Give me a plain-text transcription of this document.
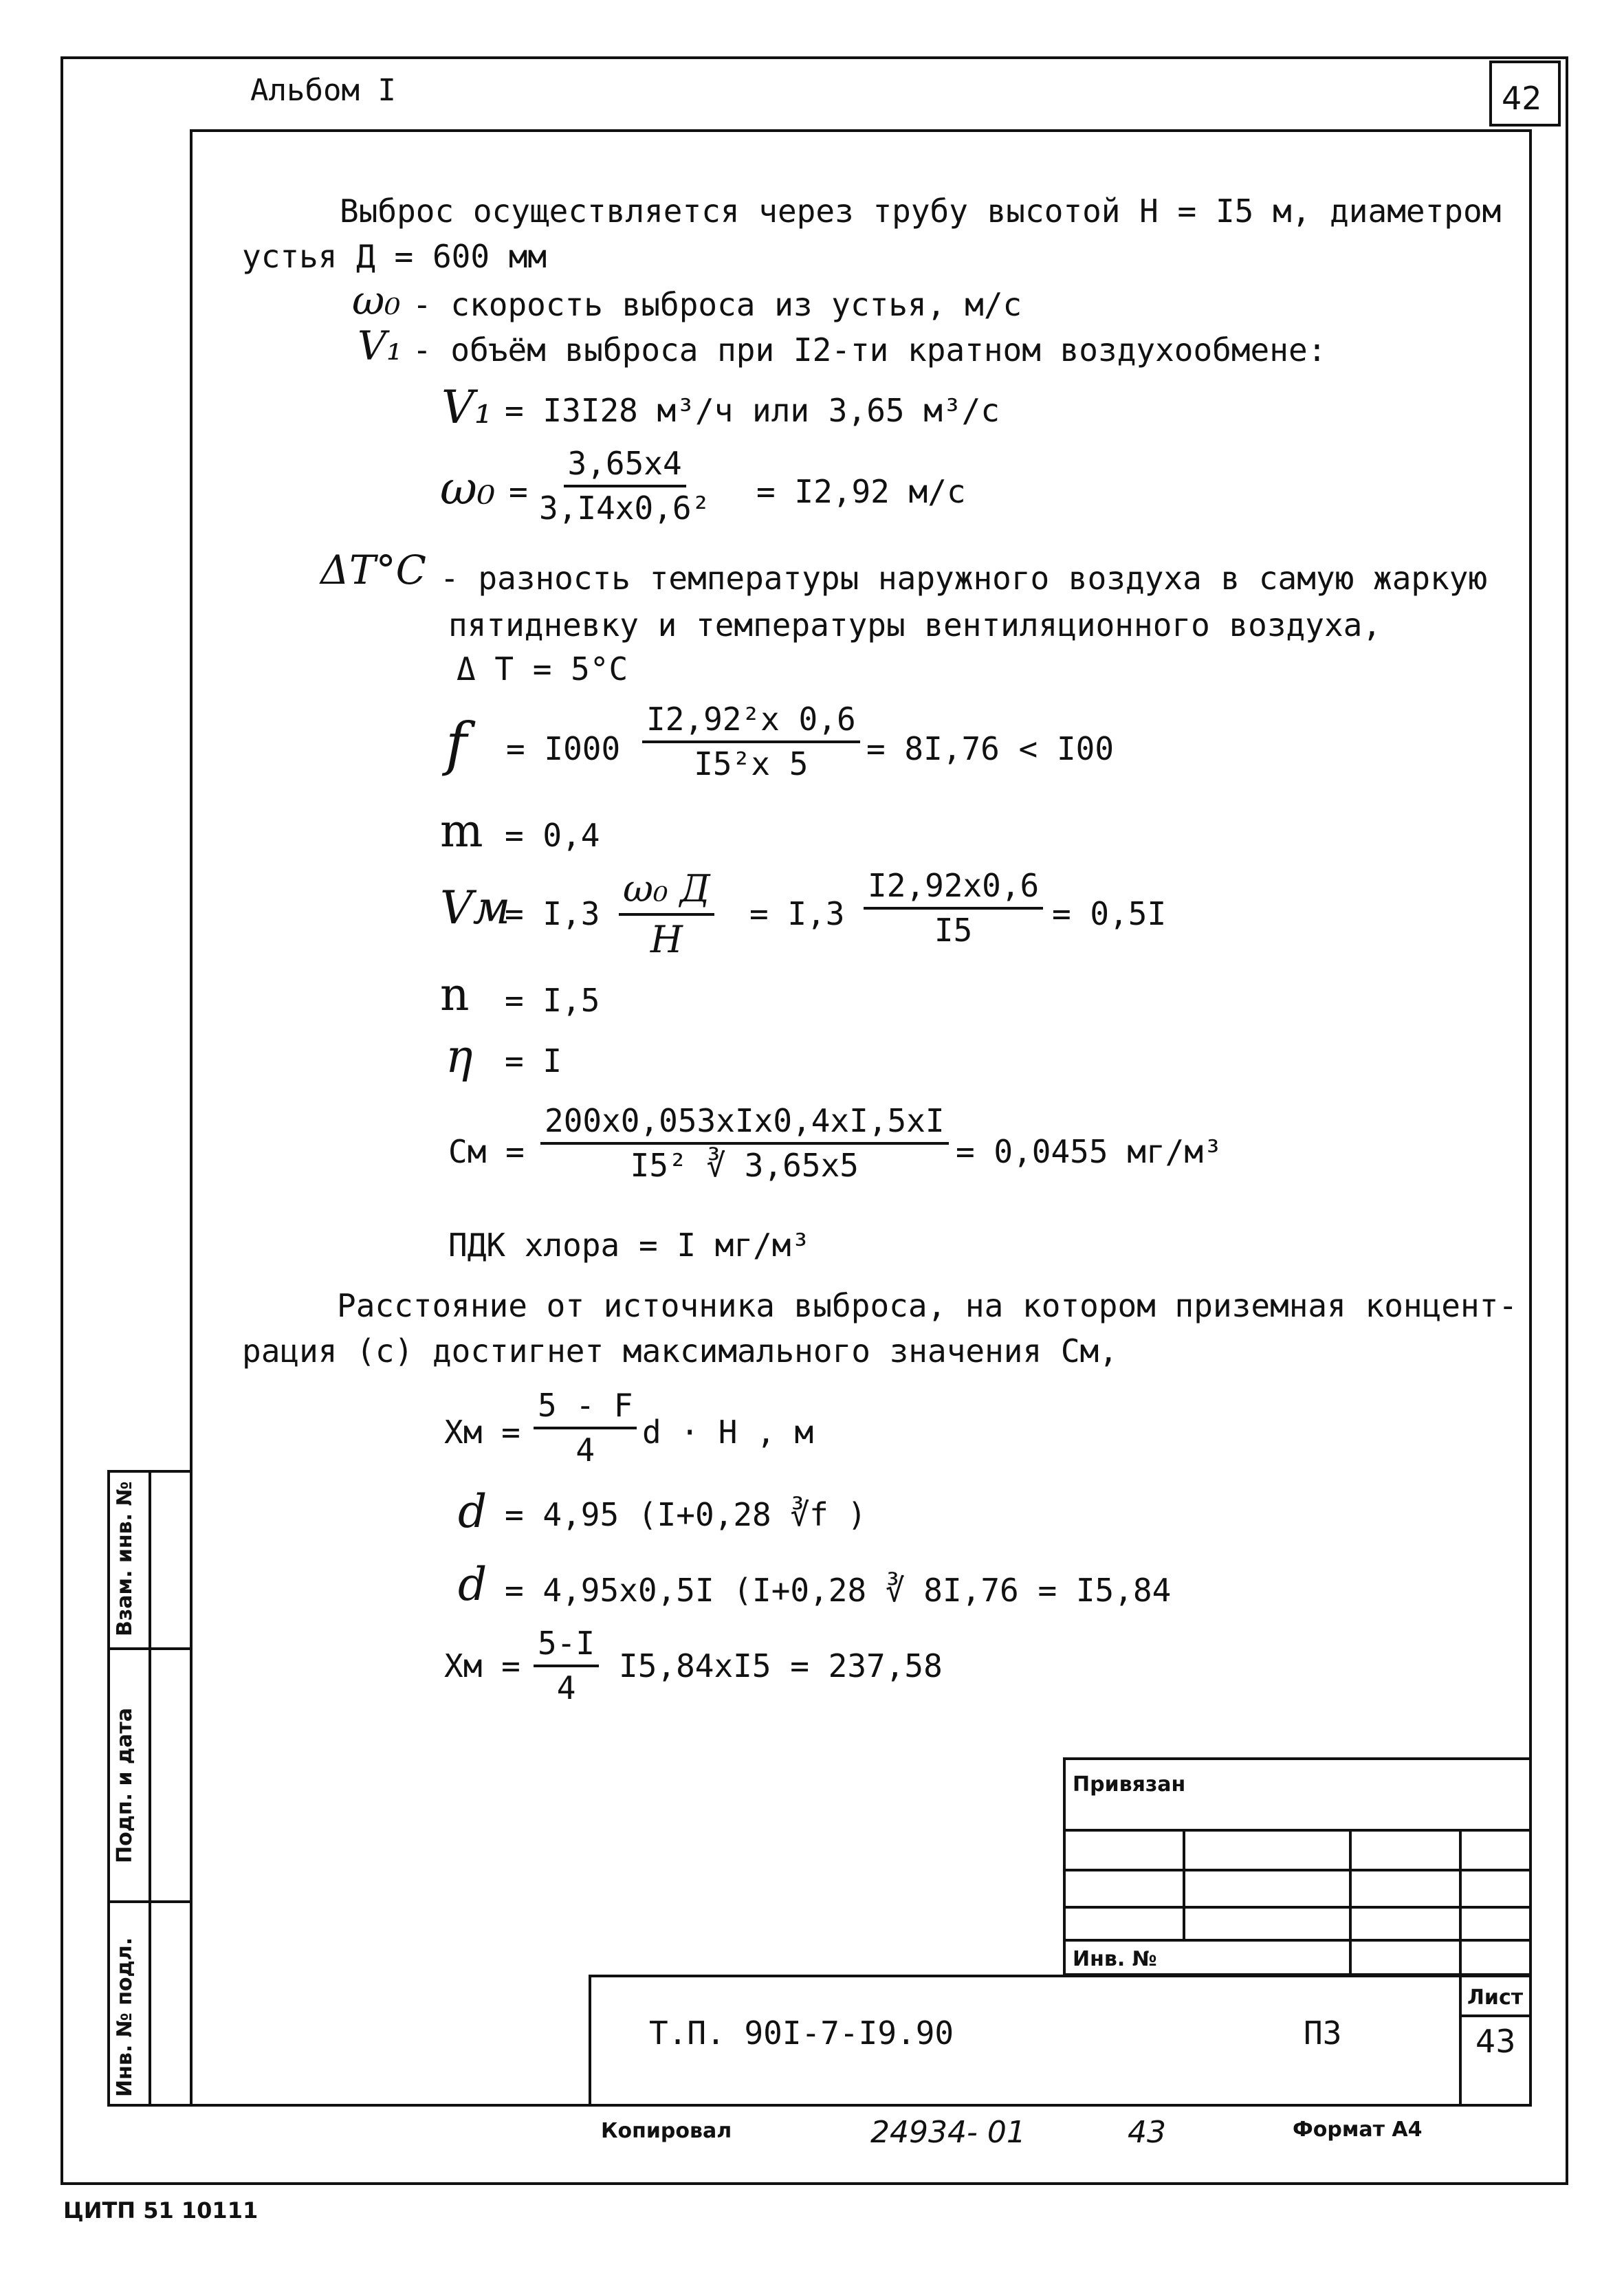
Альбом I	42
Выброс осуществляется через трубу высотой Н = I5 м, диаметром
устья Д = 600 мм
ω₀ - скорость выброса из устья, м/с
V₁ - объём выброса при I2-ти кратном воздухообмене:
V₁ = I3I28 м³/ч или 3,65 м³/с
ω₀ =
3,65х4
3,I4х0,6² = I2,92 м/с
ΔT°C - разность температуры наружного воздуха в самую жаркую
пятидневку и температуры вентиляционного воздуха,
Δ Т = 5°С
f = I000
I2,92²х 0,6
I5²х 5 = 8I,76 < I00
m = 0,4
Vм
= I,3
ω₀ Д
Н
= I,3
I2,92х0,6
I5	= 0,5I
n = I,5
η = I
См =
200х0,053хIх0,4хI,5хI
I5² ∛ 3,65х5	= 0,0455 мг/м³
ПДК хлора = I мг/м³
Расстояние от источника выброса, на котором приземная концент-
рация (с) достигнет максимального значения См,
Хм = $\frac{5 - F}{4}$ d · Н , м
d = 4,95 (I+0,28 ∛f )
d = 4,95х0,5I (I+0,28 ∛ 8I,76 = I5,84
Хм = $\frac{5-I}{4} I5,84хI5 = 237,58$
Взам. инв. №
Подп. и дата
Инв. № подл.
Привязан
Инв. №
Т.П. 90I-7-I9.90	ПЗ
Лист
43
Копировал	24934- 01	43	Формат А4
ЦИТП 51 10111
